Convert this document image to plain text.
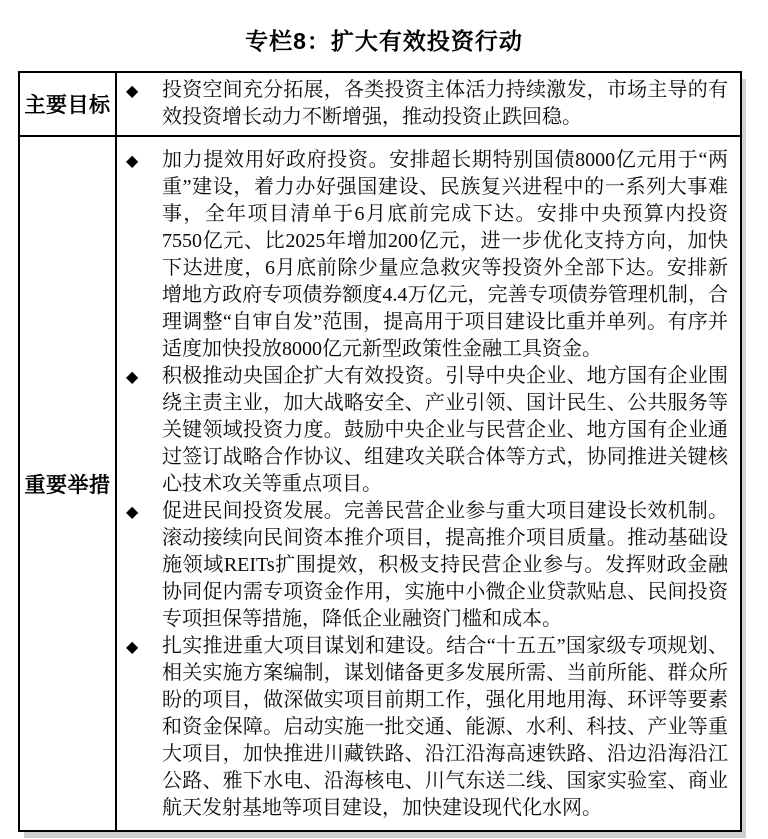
专栏8：扩大有效投资行动
主要目标
◆	投资空间充分拓展，各类投资主体活力持续激发，市场主导的有效投资增长动力不断增强，推动投资止跌回稳。
重要举措
◆	加力提效用好政府投资。安排超长期特别国债8000亿元用于“两重”建设，着力办好强国建设、民族复兴进程中的一系列大事难事，全年项目清单于6月底前完成下达。安排中央预算内投资7550亿元、比2025年增加200亿元，进一步优化支持方向，加快下达进度，6月底前除少量应急救灾等投资外全部下达。安排新增地方政府专项债券额度4.4万亿元，完善专项债券管理机制，合理调整“自审自发”范围，提高用于项目建设比重并单列。有序并适度加快投放8000亿元新型政策性金融工具资金。
◆	积极推动央国企扩大有效投资。引导中央企业、地方国有企业围绕主责主业，加大战略安全、产业引领、国计民生、公共服务等关键领域投资力度。鼓励中央企业与民营企业、地方国有企业通过签订战略合作协议、组建攻关联合体等方式，协同推进关键核心技术攻关等重点项目。
◆	促进民间投资发展。完善民营企业参与重大项目建设长效机制。滚动接续向民间资本推介项目，提高推介项目质量。推动基础设施领域REITs扩围提效，积极支持民营企业参与。发挥财政金融协同促内需专项资金作用，实施中小微企业贷款贴息、民间投资专项担保等措施，降低企业融资门槛和成本。
◆	扎实推进重大项目谋划和建设。结合“十五五”国家级专项规划、相关实施方案编制，谋划储备更多发展所需、当前所能、群众所盼的项目，做深做实项目前期工作，强化用地用海、环评等要素和资金保障。启动实施一批交通、能源、水利、科技、产业等重大项目，加快推进川藏铁路、沿江沿海高速铁路、沿边沿海沿江公路、雅下水电、沿海核电、川气东送二线、国家实验室、商业航天发射基地等项目建设，加快建设现代化水网。
